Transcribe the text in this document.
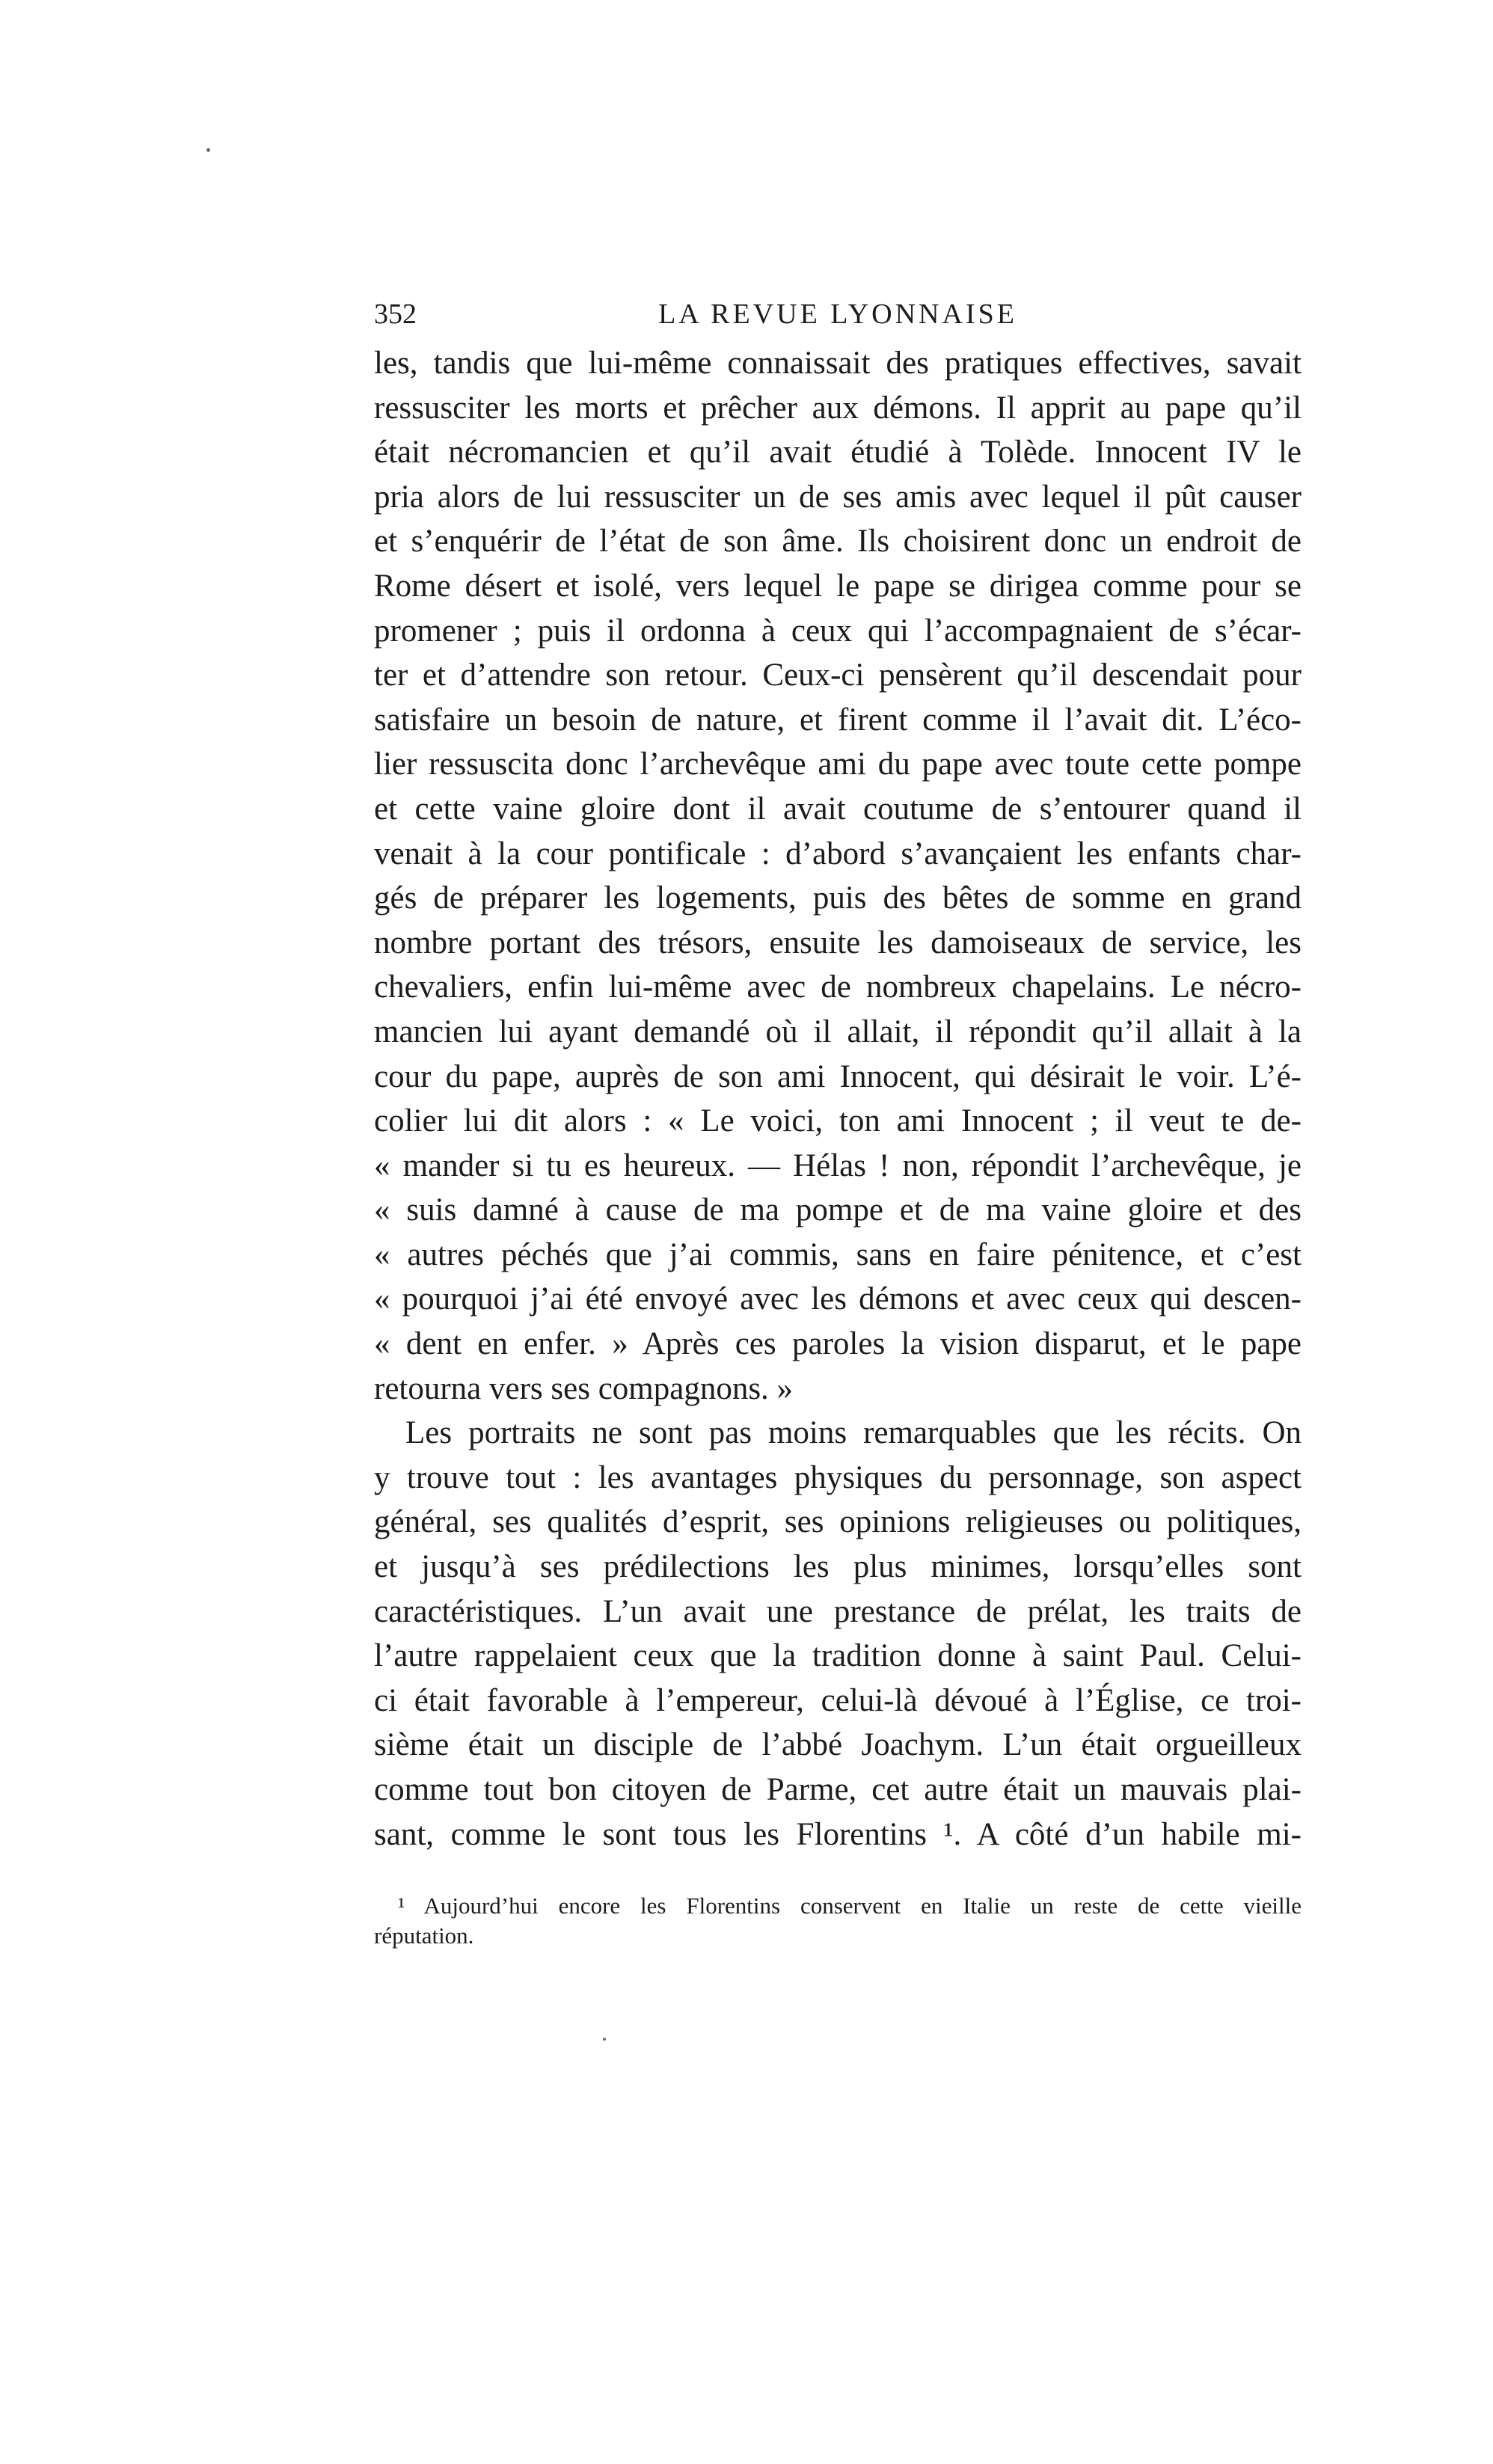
352	LA REVUE LYONNAISE
les, tandis que lui-même connaissait des pratiques effectives, savait
ressusciter les morts et prêcher aux démons. Il apprit au pape qu’il
était nécromancien et qu’il avait étudié à Tolède. Innocent IV le
pria alors de lui ressusciter un de ses amis avec lequel il pût causer
et s’enquérir de l’état de son âme. Ils choisirent donc un endroit de
Rome désert et isolé, vers lequel le pape se dirigea comme pour se
promener ; puis il ordonna à ceux qui l’accompagnaient de s’écar-
ter et d’attendre son retour. Ceux-ci pensèrent qu’il descendait pour
satisfaire un besoin de nature, et firent comme il l’avait dit. L’éco-
lier ressuscita donc l’archevêque ami du pape avec toute cette pompe
et cette vaine gloire dont il avait coutume de s’entourer quand il
venait à la cour pontificale : d’abord s’avançaient les enfants char-
gés de préparer les logements, puis des bêtes de somme en grand
nombre portant des trésors, ensuite les damoiseaux de service, les
chevaliers, enfin lui-même avec de nombreux chapelains. Le nécro-
mancien lui ayant demandé où il allait, il répondit qu’il allait à la
cour du pape, auprès de son ami Innocent, qui désirait le voir. L’é-
colier lui dit alors : « Le voici, ton ami Innocent ; il veut te de-
« mander si tu es heureux. — Hélas ! non, répondit l’archevêque, je
« suis damné à cause de ma pompe et de ma vaine gloire et des
« autres péchés que j’ai commis, sans en faire pénitence, et c’est
« pourquoi j’ai été envoyé avec les démons et avec ceux qui descen-
« dent en enfer. » Après ces paroles la vision disparut, et le pape
retourna vers ses compagnons. »
Les portraits ne sont pas moins remarquables que les récits. On
y trouve tout : les avantages physiques du personnage, son aspect
général, ses qualités d’esprit, ses opinions religieuses ou politiques,
et jusqu’à ses prédilections les plus minimes, lorsqu’elles sont
caractéristiques. L’un avait une prestance de prélat, les traits de
l’autre rappelaient ceux que la tradition donne à saint Paul. Celui-
ci était favorable à l’empereur, celui-là dévoué à l’Église, ce troi-
sième était un disciple de l’abbé Joachym. L’un était orgueilleux
comme tout bon citoyen de Parme, cet autre était un mauvais plai-
sant, comme le sont tous les Florentins ¹. A côté d’un habile mi-
¹ Aujourd’hui encore les Florentins conservent en Italie un reste de cette vieille
réputation.
